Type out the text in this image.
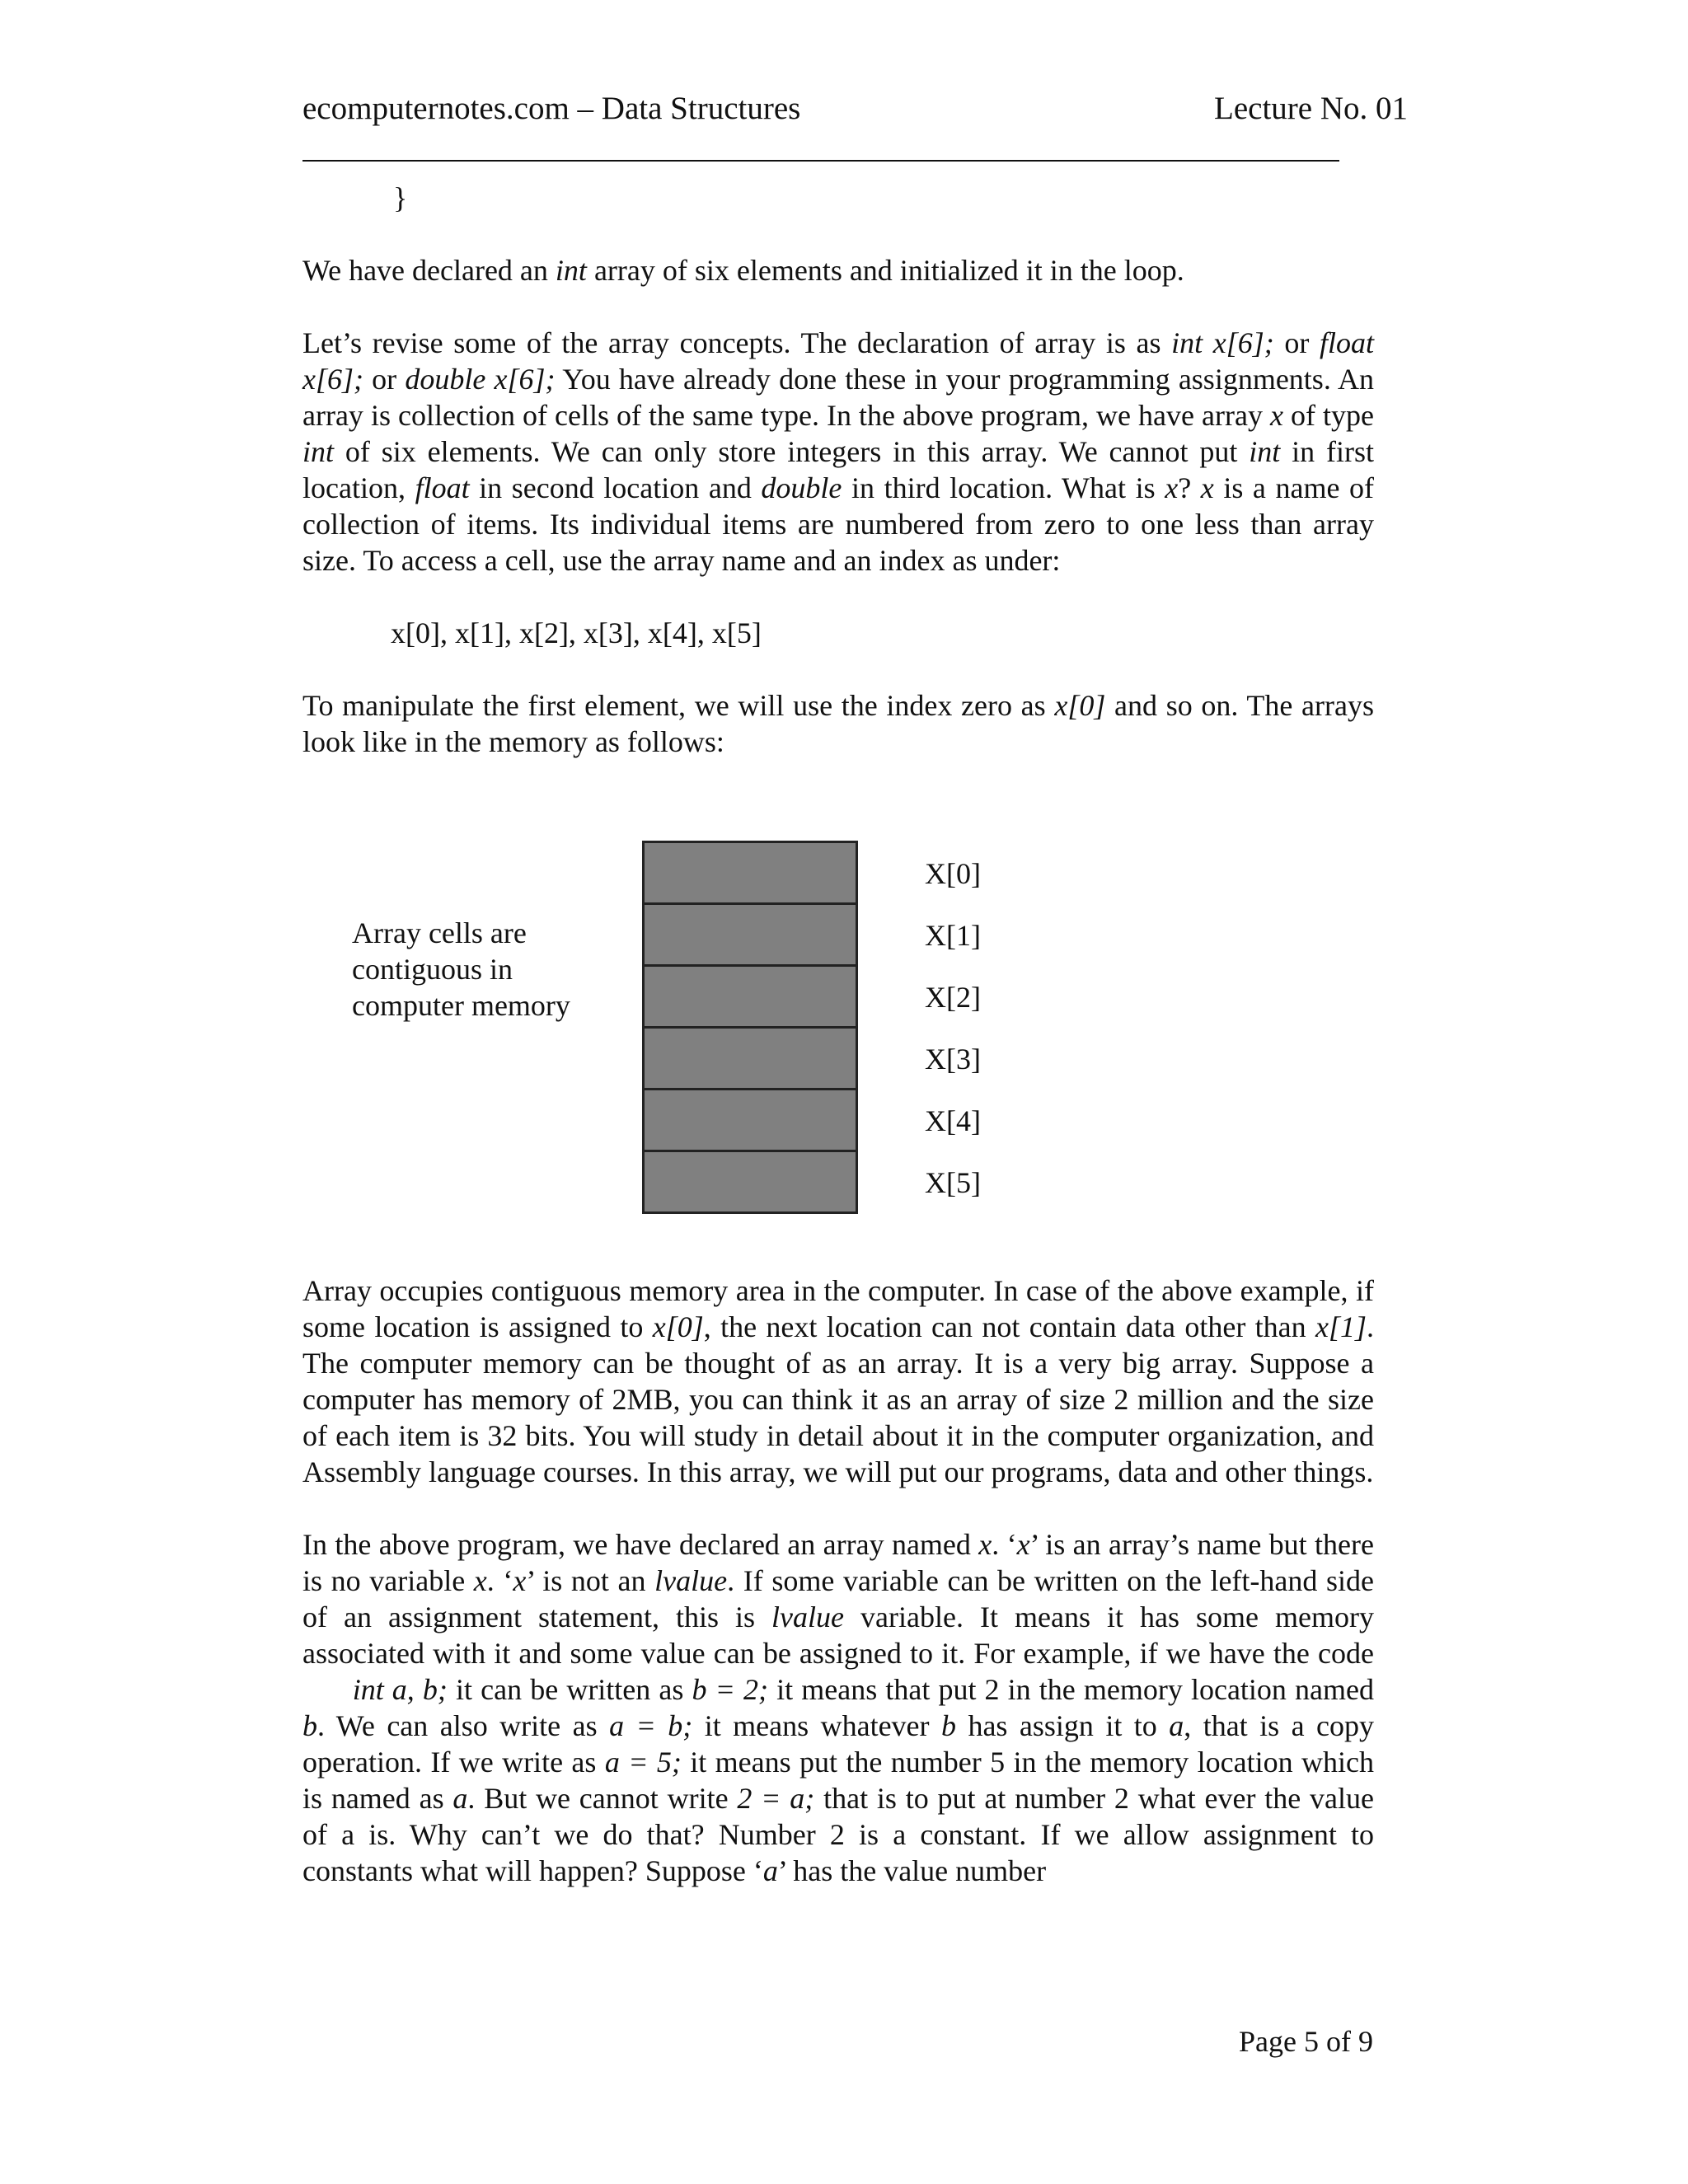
ecomputernotes.com – Data Structures	Lecture No. 01
}

We have declared an int array of six elements and initialized it in the loop.

Let’s revise some of the array concepts. The declaration of array is as int x[6]; or float x[6]; or double x[6]; You have already done these in your programming assignments. An array is collection of cells of the same type. In the above program, we have array x of type int of six elements. We can only store integers in this array. We cannot put int in first location, float in second location and double in third location. What is x? x is a name of collection of items. Its individual items are numbered from zero to one less than array size. To access a cell, use the array name and an index as under:

x[0], x[1], x[2], x[3], x[4], x[5]

To manipulate the first element, we will use the index zero as x[0] and so on. The arrays look like in the memory as follows:

Array cells are contiguous in computer memory
X[0]
X[1]
X[2]
X[3]
X[4]
X[5]

Array occupies contiguous memory area in the computer. In case of the above example, if some location is assigned to x[0], the next location can not contain data other than x[1]. The computer memory can be thought of as an array. It is a very big array. Suppose a computer has memory of 2MB, you can think it as an array of size 2 million and the size of each item is 32 bits. You will study in detail about it in the computer organization, and Assembly language courses. In this array, we will put our programs, data and other things.

In the above program, we have declared an array named x. ‘x’ is an array’s name but there is no variable x. ‘x’ is not an lvalue. If some variable can be written on the left-hand side of an assignment statement, this is lvalue variable. It means it has some memory associated with it and some value can be assigned to it. For example, if we have the code       int a, b; it can be written as b = 2; it means that put 2 in the memory location named b. We can also write as a = b; it means whatever b has assign it to a, that is a copy operation. If we write as a = 5; it means put the number 5 in the memory location which is named as a. But we cannot write 2 = a; that is to put at number 2 what ever the value of a is. Why can’t we do that? Number 2 is a constant. If we allow assignment to constants what will happen? Suppose ‘a’ has the value number

Page 5 of 9
